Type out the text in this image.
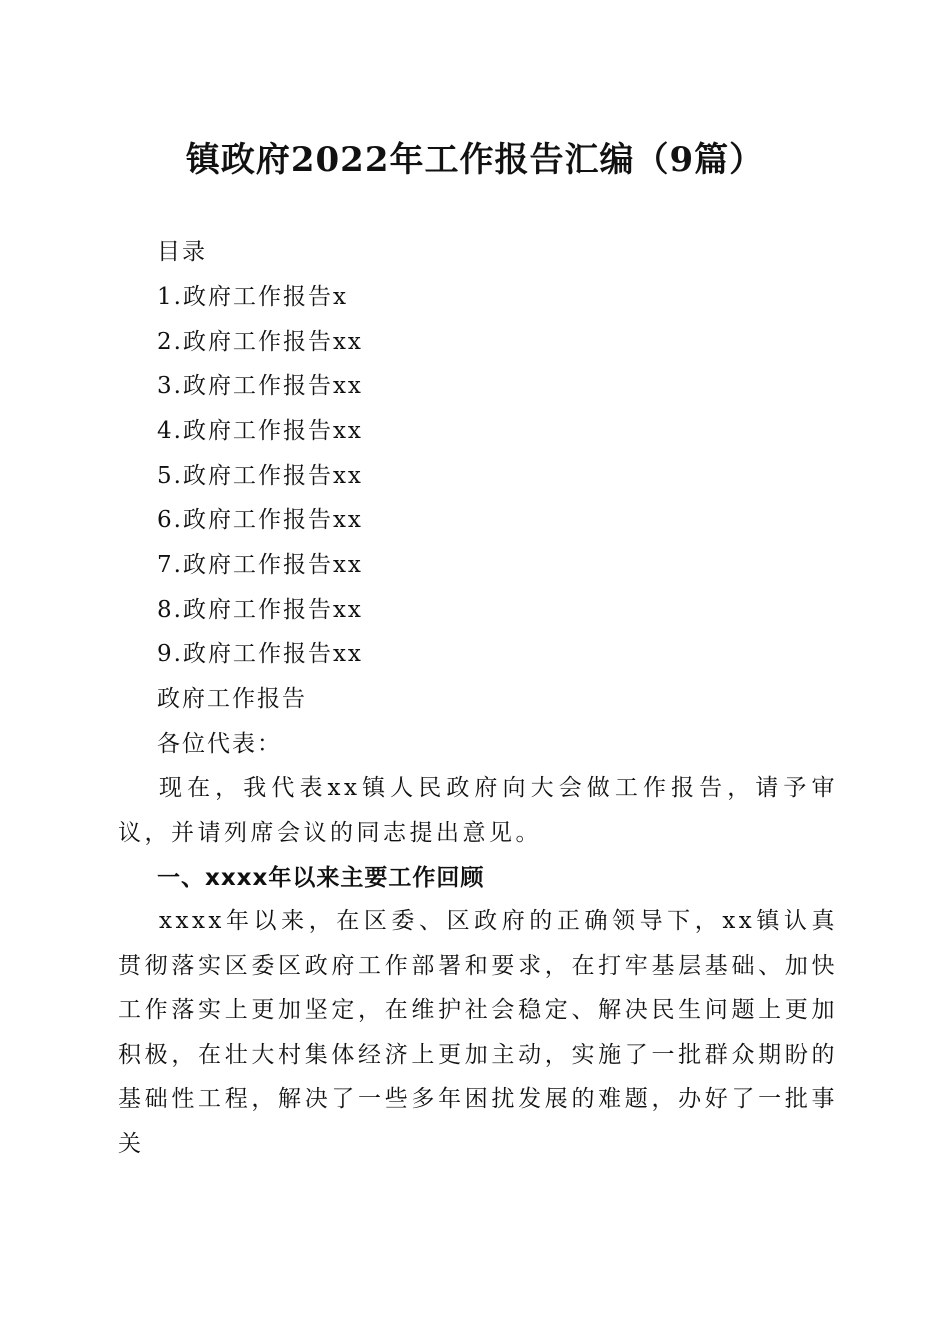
镇政府2022年工作报告汇编（9篇）
目录
1.政府工作报告x
2.政府工作报告xx
3.政府工作报告xx
4.政府工作报告xx
5.政府工作报告xx
6.政府工作报告xx
7.政府工作报告xx
8.政府工作报告xx
9.政府工作报告xx
政府工作报告
各位代表：
现在，我代表xx镇人民政府向大会做工作报告，请予审议，并请列席会议的同志提出意见。
一、xxxx年以来主要工作回顾
xxxx年以来，在区委、区政府的正确领导下，xx镇认真贯彻落实区委区政府工作部署和要求，在打牢基层基础、加快工作落实上更加坚定，在维护社会稳定、解决民生问题上更加积极，在壮大村集体经济上更加主动，实施了一批群众期盼的基础性工程，解决了一些多年困扰发展的难题，办好了一批事关
